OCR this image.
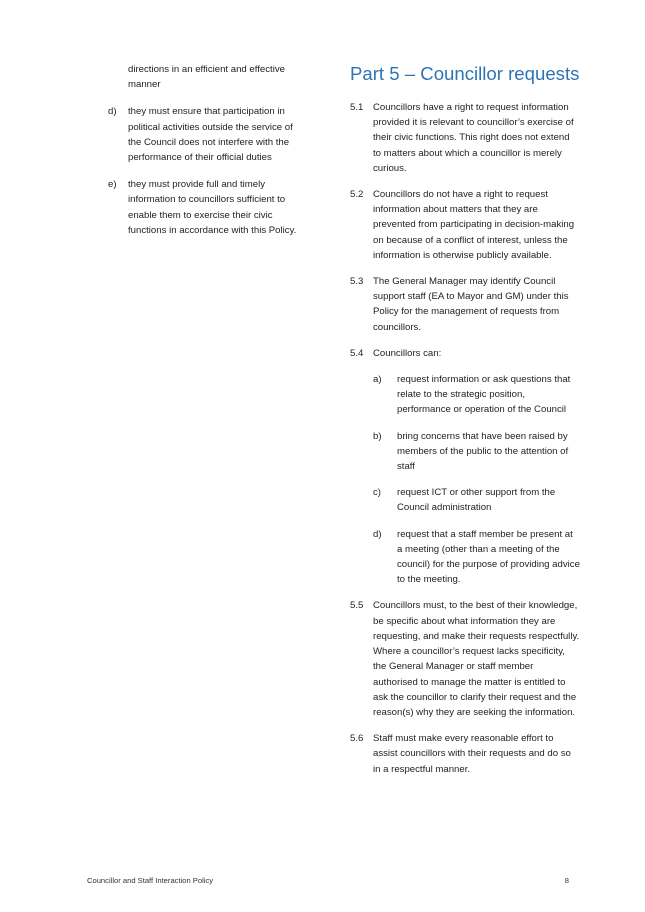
directions in an efficient and effective manner
d)	they must ensure that participation in political activities outside the service of the Council does not interfere with the performance of their official duties
e)	they must provide full and timely information to councillors sufficient to enable them to exercise their civic functions in accordance with this Policy.
Part 5 – Councillor requests
5.1	Councillors have a right to request information provided it is relevant to councillor’s exercise of their civic functions. This right does not extend to matters about which a councillor is merely curious.
5.2	Councillors do not have a right to request information about matters that they are prevented from participating in decision-making on because of a conflict of interest, unless the information is otherwise publicly available.
5.3	The General Manager may identify Council support staff (EA to Mayor and GM) under this Policy for the management of requests from councillors.
5.4	Councillors can:
a)	request information or ask questions that relate to the strategic position, performance or operation of the Council
b)	bring concerns that have been raised by members of the public to the attention of staff
c)	request ICT or other support from the Council administration
d)	request that a staff member be present at a meeting (other than a meeting of the council) for the purpose of providing advice to the meeting.
5.5	Councillors must, to the best of their knowledge, be specific about what information they are requesting, and make their requests respectfully. Where a councillor’s request lacks specificity, the General Manager or staff member authorised to manage the matter is entitled to ask the councillor to clarify their request and the reason(s) why they are seeking the information.
5.6	Staff must make every reasonable effort to assist councillors with their requests and do so in a respectful manner.
Councillor and Staff Interaction Policy	8
